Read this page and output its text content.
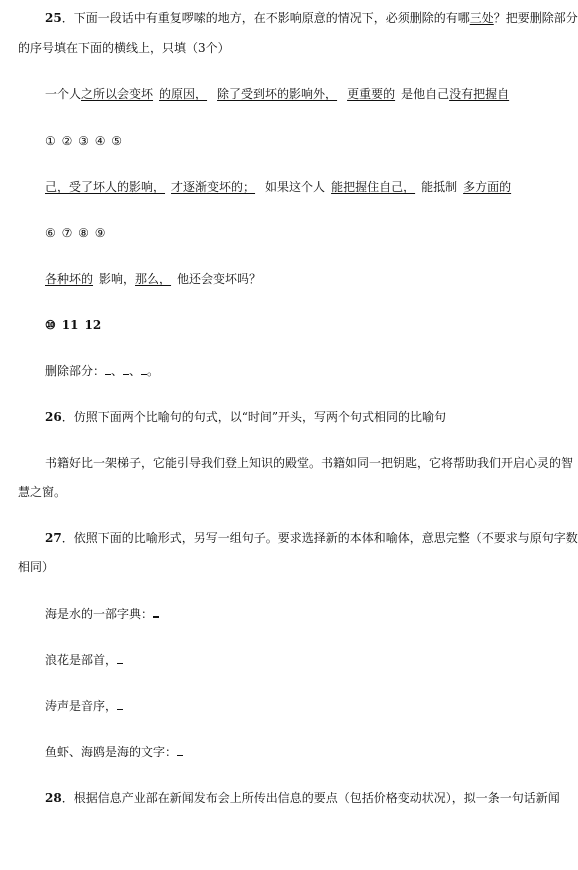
25．下面一段话中有重复啰嗦的地方，在不影响原意的情况下，必须删除的有哪三处？把要删除部分
的序号填在下面的横线上，只填（3个）
一个人之所以会变坏 的原因， 除了受到坏的影响外， 更重要的 是他自己没有把握自
① ② ③ ④ ⑤
己，受了坏人的影响， 才逐渐变坏的； 如果这个人 能把握住自己， 能抵制 多方面的
⑥ ⑦ ⑧ ⑨
各种坏的 影响，那么， 他还会变坏吗？
⑩ 11 12
删除部分： 、 、 。
26．仿照下面两个比喻句的句式，以“时间”开头，写两个句式相同的比喻句
书籍好比一架梯子，它能引导我们登上知识的殿堂。书籍如同一把钥匙，它将帮助我们开启心灵的智
慧之窗。
27．依照下面的比喻形式，另写一组句子。要求选择新的本体和喻体，意思完整（不要求与原句字数
相同）
海是水的一部字典：
浪花是部首，
涛声是音序，
鱼虾、海鸥是海的文字：
28．根据信息产业部在新闻发布会上所传出信息的要点（包括价格变动状况），拟一条一句话新闻
